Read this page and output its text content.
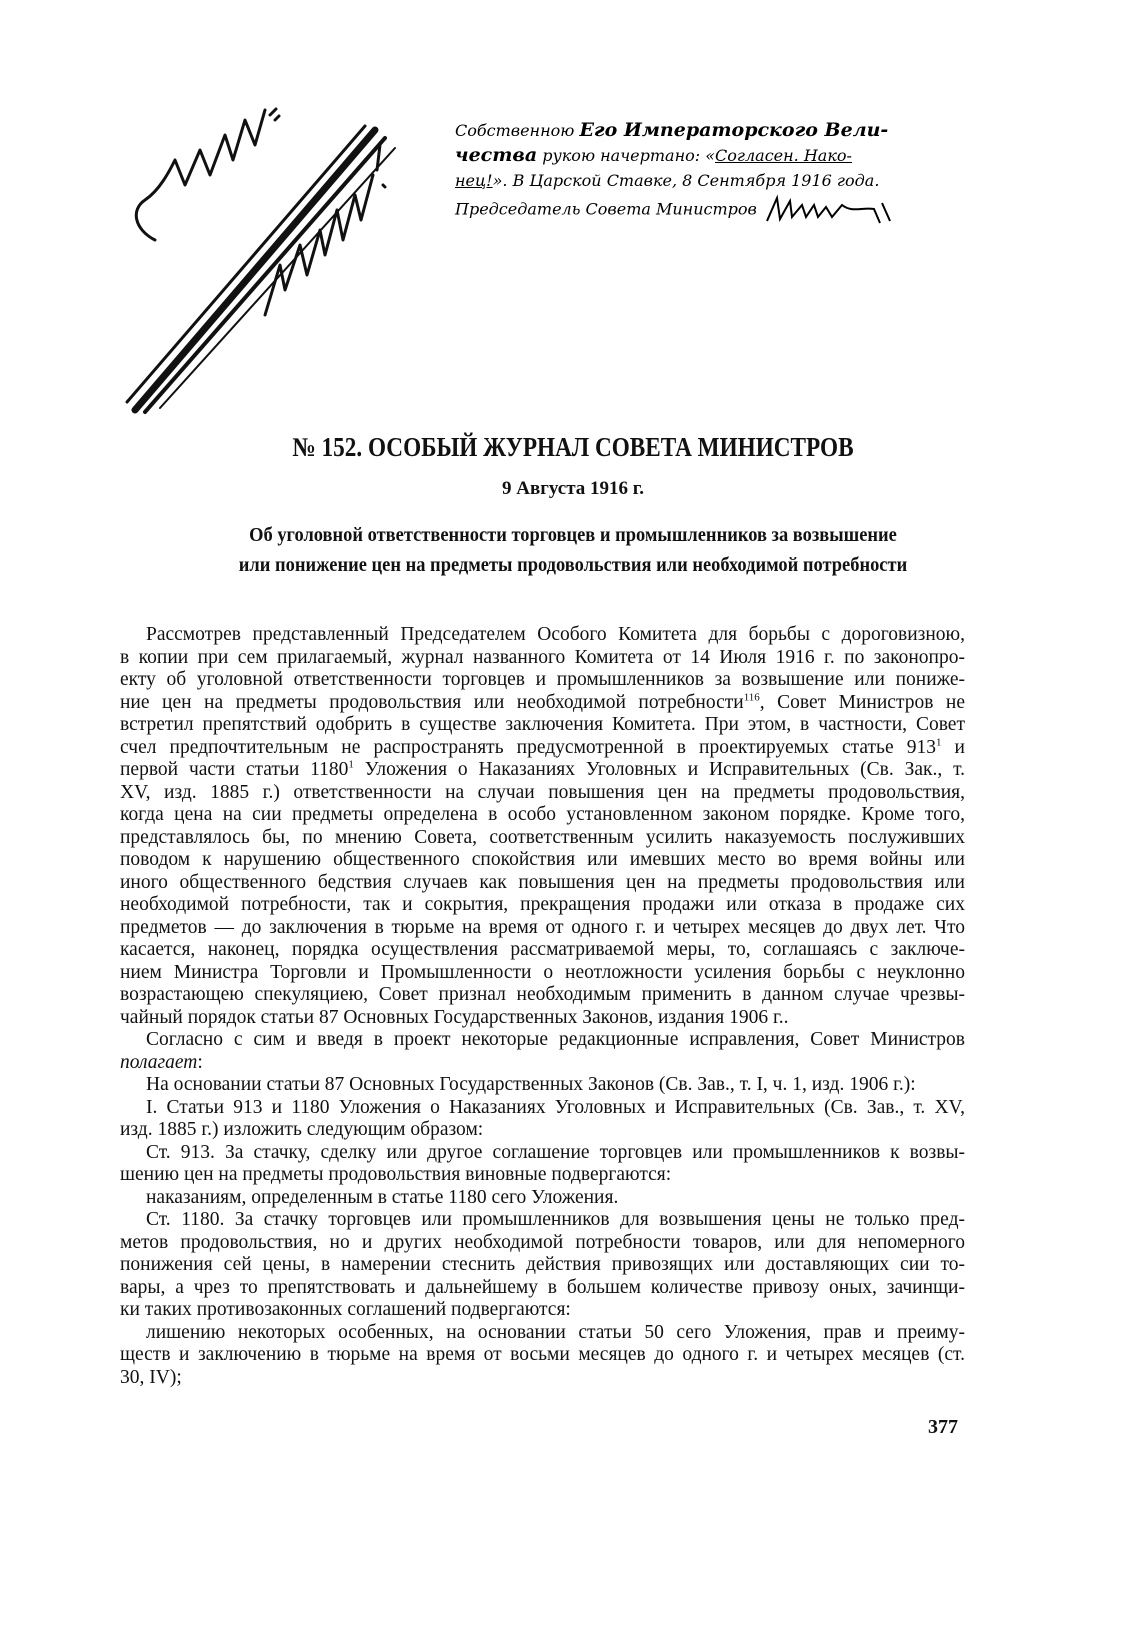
Собственною Его Императорского Вели-
чества рукою начертано: «Согласен. Нако-
нец!». В Царской Ставке, 8 Сентября 1916 года.
Председатель Совета Министров
№ 152. ОСОБЫЙ ЖУРНАЛ СОВЕТА МИНИСТРОВ
9 Августа 1916 г.
Об уголовной ответственности торговцев и промышленников за возвышение
или понижение цен на предметы продовольствия или необходимой потребности
Рассмотрев представленный Председателем Особого Комитета для борьбы с дороговизною,
в копии при сем прилагаемый, журнал названного Комитета от 14 Июля 1916 г. по законопро-
екту об уголовной ответственности торговцев и промышленников за возвышение или пониже-
ние цен на предметы продовольствия или необходимой потребности$^{116}$, Совет Министров не
встретил препятствий одобрить в существе заключения Комитета. При этом, в частности, Совет
счел предпочтительным не распространять предусмотренной в проектируемых статье $913^1$ и
первой части статьи 1180$^1$ Уложения о Наказаниях Уголовных и Исправительных (Св. Зак., т.
XV, изд. 1885 г.) ответственности на случаи повышения цен на предметы продовольствия,
когда цена на сии предметы определена в особо установленном законом порядке. Кроме того,
представлялось бы, по мнению Совета, соответственным усилить наказуемость послуживших
поводом к нарушению общественного спокойствия или имевших место во время войны или
иного общественного бедствия случаев как повышения цен на предметы продовольствия или
необходимой потребности, так и сокрытия, прекращения продажи или отказа в продаже сих
предметов — до заключения в тюрьме на время от одного г. и четырех месяцев до двух лет. Что
касается, наконец, порядка осуществления рассматриваемой меры, то, соглашаясь с заключе-
нием Министра Торговли и Промышленности о неотложности усиления борьбы с неуклонно
возрастающею спекуляциею, Совет признал необходимым применить в данном случае чрезвы-
чайный порядок статьи 87 Основных Государственных Законов, издания 1906 г..
Согласно с сим и введя в проект некоторые редакционные исправления, Совет Министров
полагает:
На основании статьи 87 Основных Государственных Законов (Св. Зав., т. I, ч. 1, изд. 1906 г.):
I. Статьи 913 и 1180 Уложения о Наказаниях Уголовных и Исправительных (Св. Зав., т. XV,
изд. 1885 г.) изложить следующим образом:
Ст. 913. За стачку, сделку или другое соглашение торговцев или промышленников к возвы-
шению цен на предметы продовольствия виновные подвергаются:
наказаниям, определенным в статье 1180 сего Уложения.
Ст. 1180. За стачку торговцев или промышленников для возвышения цены не только пред-
метов продовольствия, но и других необходимой потребности товаров, или для непомерного
понижения сей цены, в намерении стеснить действия привозящих или доставляющих сии то-
вары, а чрез то препятствовать и дальнейшему в большем количестве привозу оных, зачинщи-
ки таких противозаконных соглашений подвергаются:
лишению некоторых особенных, на основании статьи 50 сего Уложения, прав и преиму-
ществ и заключению в тюрьме на время от восьми месяцев до одного г. и четырех месяцев (ст.
30, IV);
377
